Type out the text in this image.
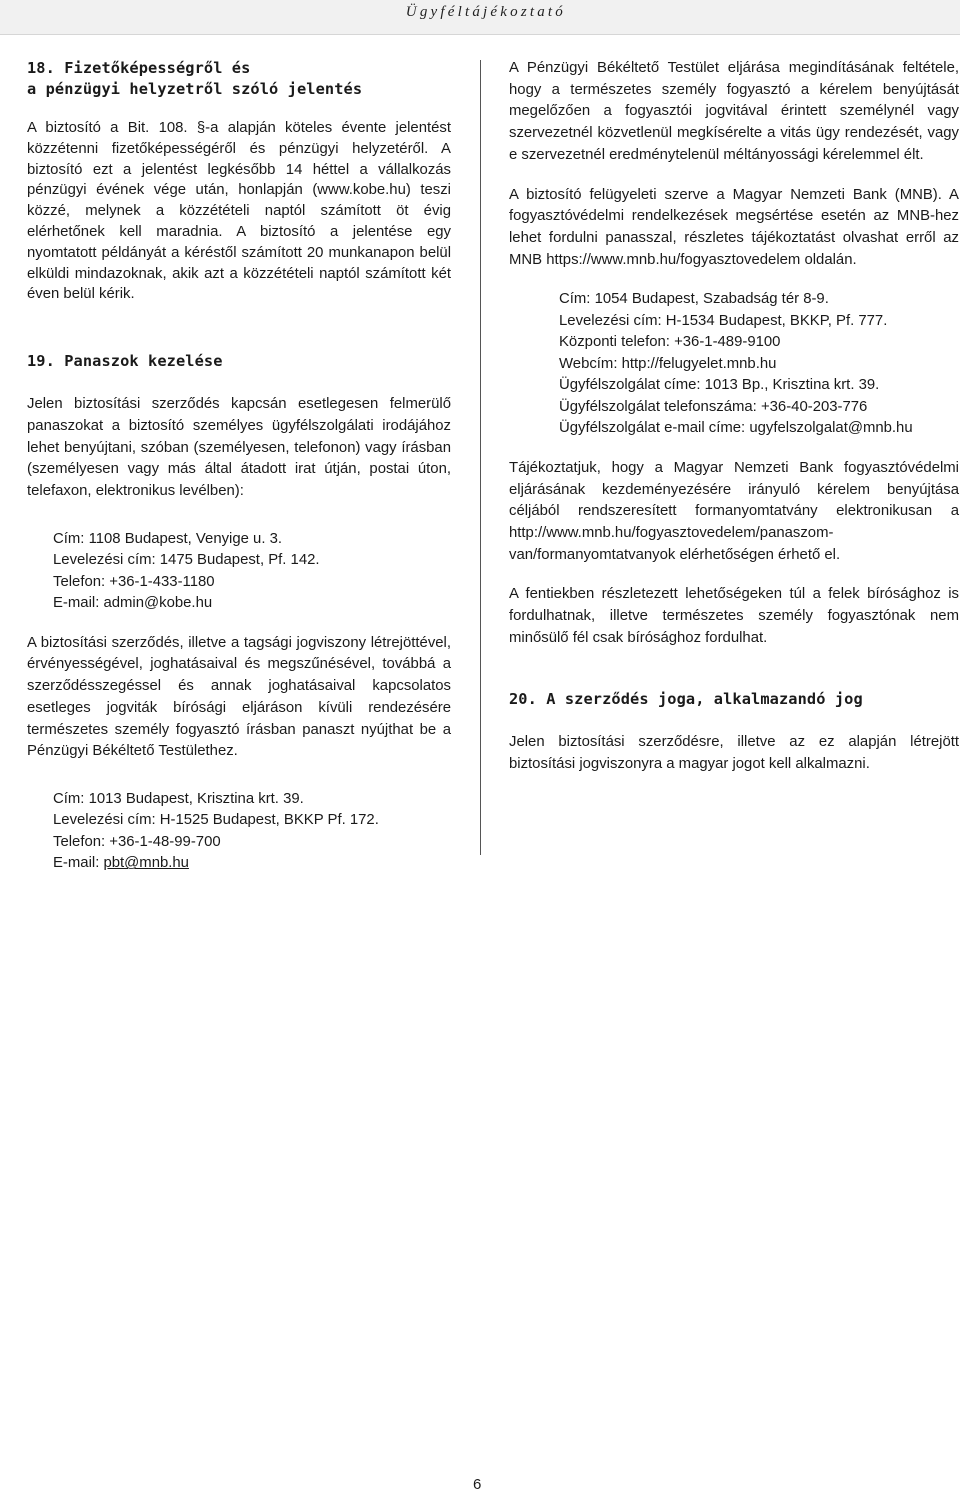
Ügyféltájékoztató
18. Fizetőképességről és
a pénzügyi helyzetről szóló jelentés

A biztosító a Bit. 108. §-a alapján köteles évente jelentést közzétenni fizetőképességéről és pénzügyi helyzetéről. A biztosító ezt a jelentést legkésőbb 14 héttel a vállalkozás pénzügyi évének vége után, honlapján (www.kobe.hu) teszi közzé, melynek a közzétételi naptól számított öt évig elérhetőnek kell maradnia. A biztosító a jelentése egy nyomtatott példányát a kéréstől számított 20 munkanapon belül elküldi mindazoknak, akik azt a közzétételi naptól számított két éven belül kérik.

19. Panaszok kezelése

Jelen biztosítási szerződés kapcsán esetlegesen felmerülő panaszokat a biztosító személyes ügyfélszolgálati irodájához lehet benyújtani, szóban (személyesen, telefonon) vagy írásban (személyesen vagy más által átadott irat útján, postai úton, telefaxon, elektronikus levélben):

Cím: 1108 Budapest, Venyige u. 3.
Levelezési cím: 1475 Budapest, Pf. 142.
Telefon: +36-1-433-1180
E-mail: admin@kobe.hu

A biztosítási szerződés, illetve a tagsági jogviszony létrejöttével, érvényességével, joghatásaival és megszűnésével, továbbá a szerződésszegéssel és annak joghatásaival kapcsolatos esetleges jogviták bírósági eljáráson kívüli rendezésére természetes személy fogyasztó írásban panaszt nyújthat be a Pénzügyi Békéltető Testülethez.

Cím: 1013 Budapest, Krisztina krt. 39.
Levelezési cím: H-1525 Budapest, BKKP Pf. 172.
Telefon: +36-1-48-99-700
E-mail: pbt@mnb.hu

A Pénzügyi Békéltető Testület eljárása megindításának feltétele, hogy a természetes személy fogyasztó a kérelem benyújtását megelőzően a fogyasztói jogvitával érintett személynél vagy szervezetnél közvetlenül megkísérelte a vitás ügy rendezését, vagy e szervezetnél eredménytelenül méltányossági kérelemmel élt.

A biztosító felügyeleti szerve a Magyar Nemzeti Bank (MNB). A fogyasztóvédelmi rendelkezések megsértése esetén az MNB-hez lehet fordulni panasszal, részletes tájékoztatást olvashat erről az MNB https://www.mnb.hu/fogyasztovedelem oldalán.

Cím: 1054 Budapest, Szabadság tér 8-9.
Levelezési cím: H-1534 Budapest, BKKP, Pf. 777.
Központi telefon: +36-1-489-9100
Webcím: http://felugyelet.mnb.hu
Ügyfélszolgálat címe: 1013 Bp., Krisztina krt. 39.
Ügyfélszolgálat telefonszáma: +36-40-203-776
Ügyfélszolgálat e-mail címe: ugyfelszolgalat@mnb.hu

Tájékoztatjuk, hogy a Magyar Nemzeti Bank fogyasztóvédelmi eljárásának kezdeményezésére irányuló kérelem benyújtása céljából rendszeresített formanyomtatvány elektronikusan a http://www.mnb.hu/fogyasztovedelem/panaszom-van/formanyomtatvanyok elérhetőségen érhető el.

A fentiekben részletezett lehetőségeken túl a felek bírósághoz is fordulhatnak, illetve természetes személy fogyasztónak nem minősülő fél csak bírósághoz fordulhat.

20. A szerződés joga, alkalmazandó jog

Jelen biztosítási szerződésre, illetve az ez alapján létrejött biztosítási jogviszonyra a magyar jogot kell alkalmazni.

6
